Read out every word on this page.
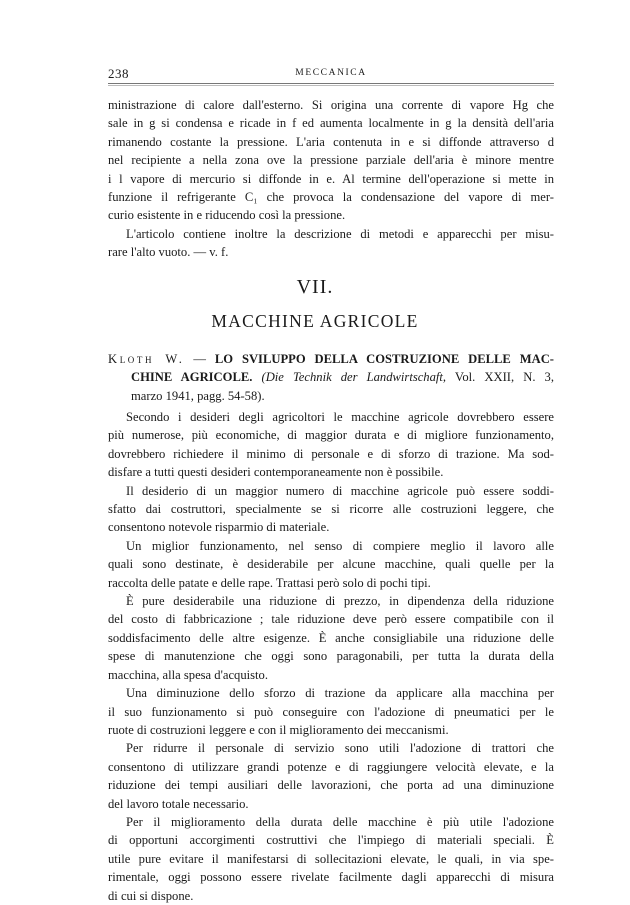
238	MECCANICA
ministrazione di calore dall'esterno. Si origina una corrente di vapore Hg che
sale in g si condensa e ricade in f ed aumenta localmente in g la densità dell'aria
rimanendo costante la pressione. L'aria contenuta in e si diffonde attraverso d
nel recipiente a nella zona ove la pressione parziale dell'aria è minore mentre
i l vapore di mercurio si diffonde in e. Al termine dell'operazione si mette in
funzione il refrigerante C₁ che provoca la condensazione del vapore di mer-
curio esistente in e riducendo così la pressione.
L'articolo contiene inoltre la descrizione di metodi e apparecchi per misu-
rare l'alto vuoto. — v. f.
VII.
MACCHINE AGRICOLE
Kloth W. — LO SVILUPPO DELLA COSTRUZIONE DELLE MAC-
CHINE AGRICOLE. (Die Technik der Landwirtschaft, Vol. XXII, N. 3,
marzo 1941, pagg. 54-58).
Secondo i desideri degli agricoltori le macchine agricole dovrebbero essere
più numerose, più economiche, di maggior durata e di migliore funzionamento,
dovrebbero richiedere il minimo di personale e di sforzo di trazione. Ma sod-
disfare a tutti questi desideri contemporaneamente non è possibile.
Il desiderio di un maggior numero di macchine agricole può essere soddi-
sfatto dai costruttori, specialmente se si ricorre alle costruzioni leggere, che
consentono notevole risparmio di materiale.
Un miglior funzionamento, nel senso di compiere meglio il lavoro alle
quali sono destinate, è desiderabile per alcune macchine, quali quelle per la
raccolta delle patate e delle rape. Trattasi però solo di pochi tipi.
È pure desiderabile una riduzione di prezzo, in dipendenza della riduzione
del costo di fabbricazione ; tale riduzione deve però essere compatibile con il
soddisfacimento delle altre esigenze. È anche consigliabile una riduzione delle
spese di manutenzione che oggi sono paragonabili, per tutta la durata della
macchina, alla spesa d'acquisto.
Una diminuzione dello sforzo di trazione da applicare alla macchina per
il suo funzionamento si può conseguire con l'adozione di pneumatici per le
ruote di costruzioni leggere e con il miglioramento dei meccanismi.
Per ridurre il personale di servizio sono utili l'adozione di trattori che
consentono di utilizzare grandi potenze e di raggiungere velocità elevate, e la
riduzione dei tempi ausiliari delle lavorazioni, che porta ad una diminuzione
del lavoro totale necessario.
Per il miglioramento della durata delle macchine è più utile l'adozione
di opportuni accorgimenti costruttivi che l'impiego di materiali speciali. È
utile pure evitare il manifestarsi di sollecitazioni elevate, le quali, in via spe-
rimentale, oggi possono essere rivelate facilmente dagli apparecchi di misura
di cui si dispone.
